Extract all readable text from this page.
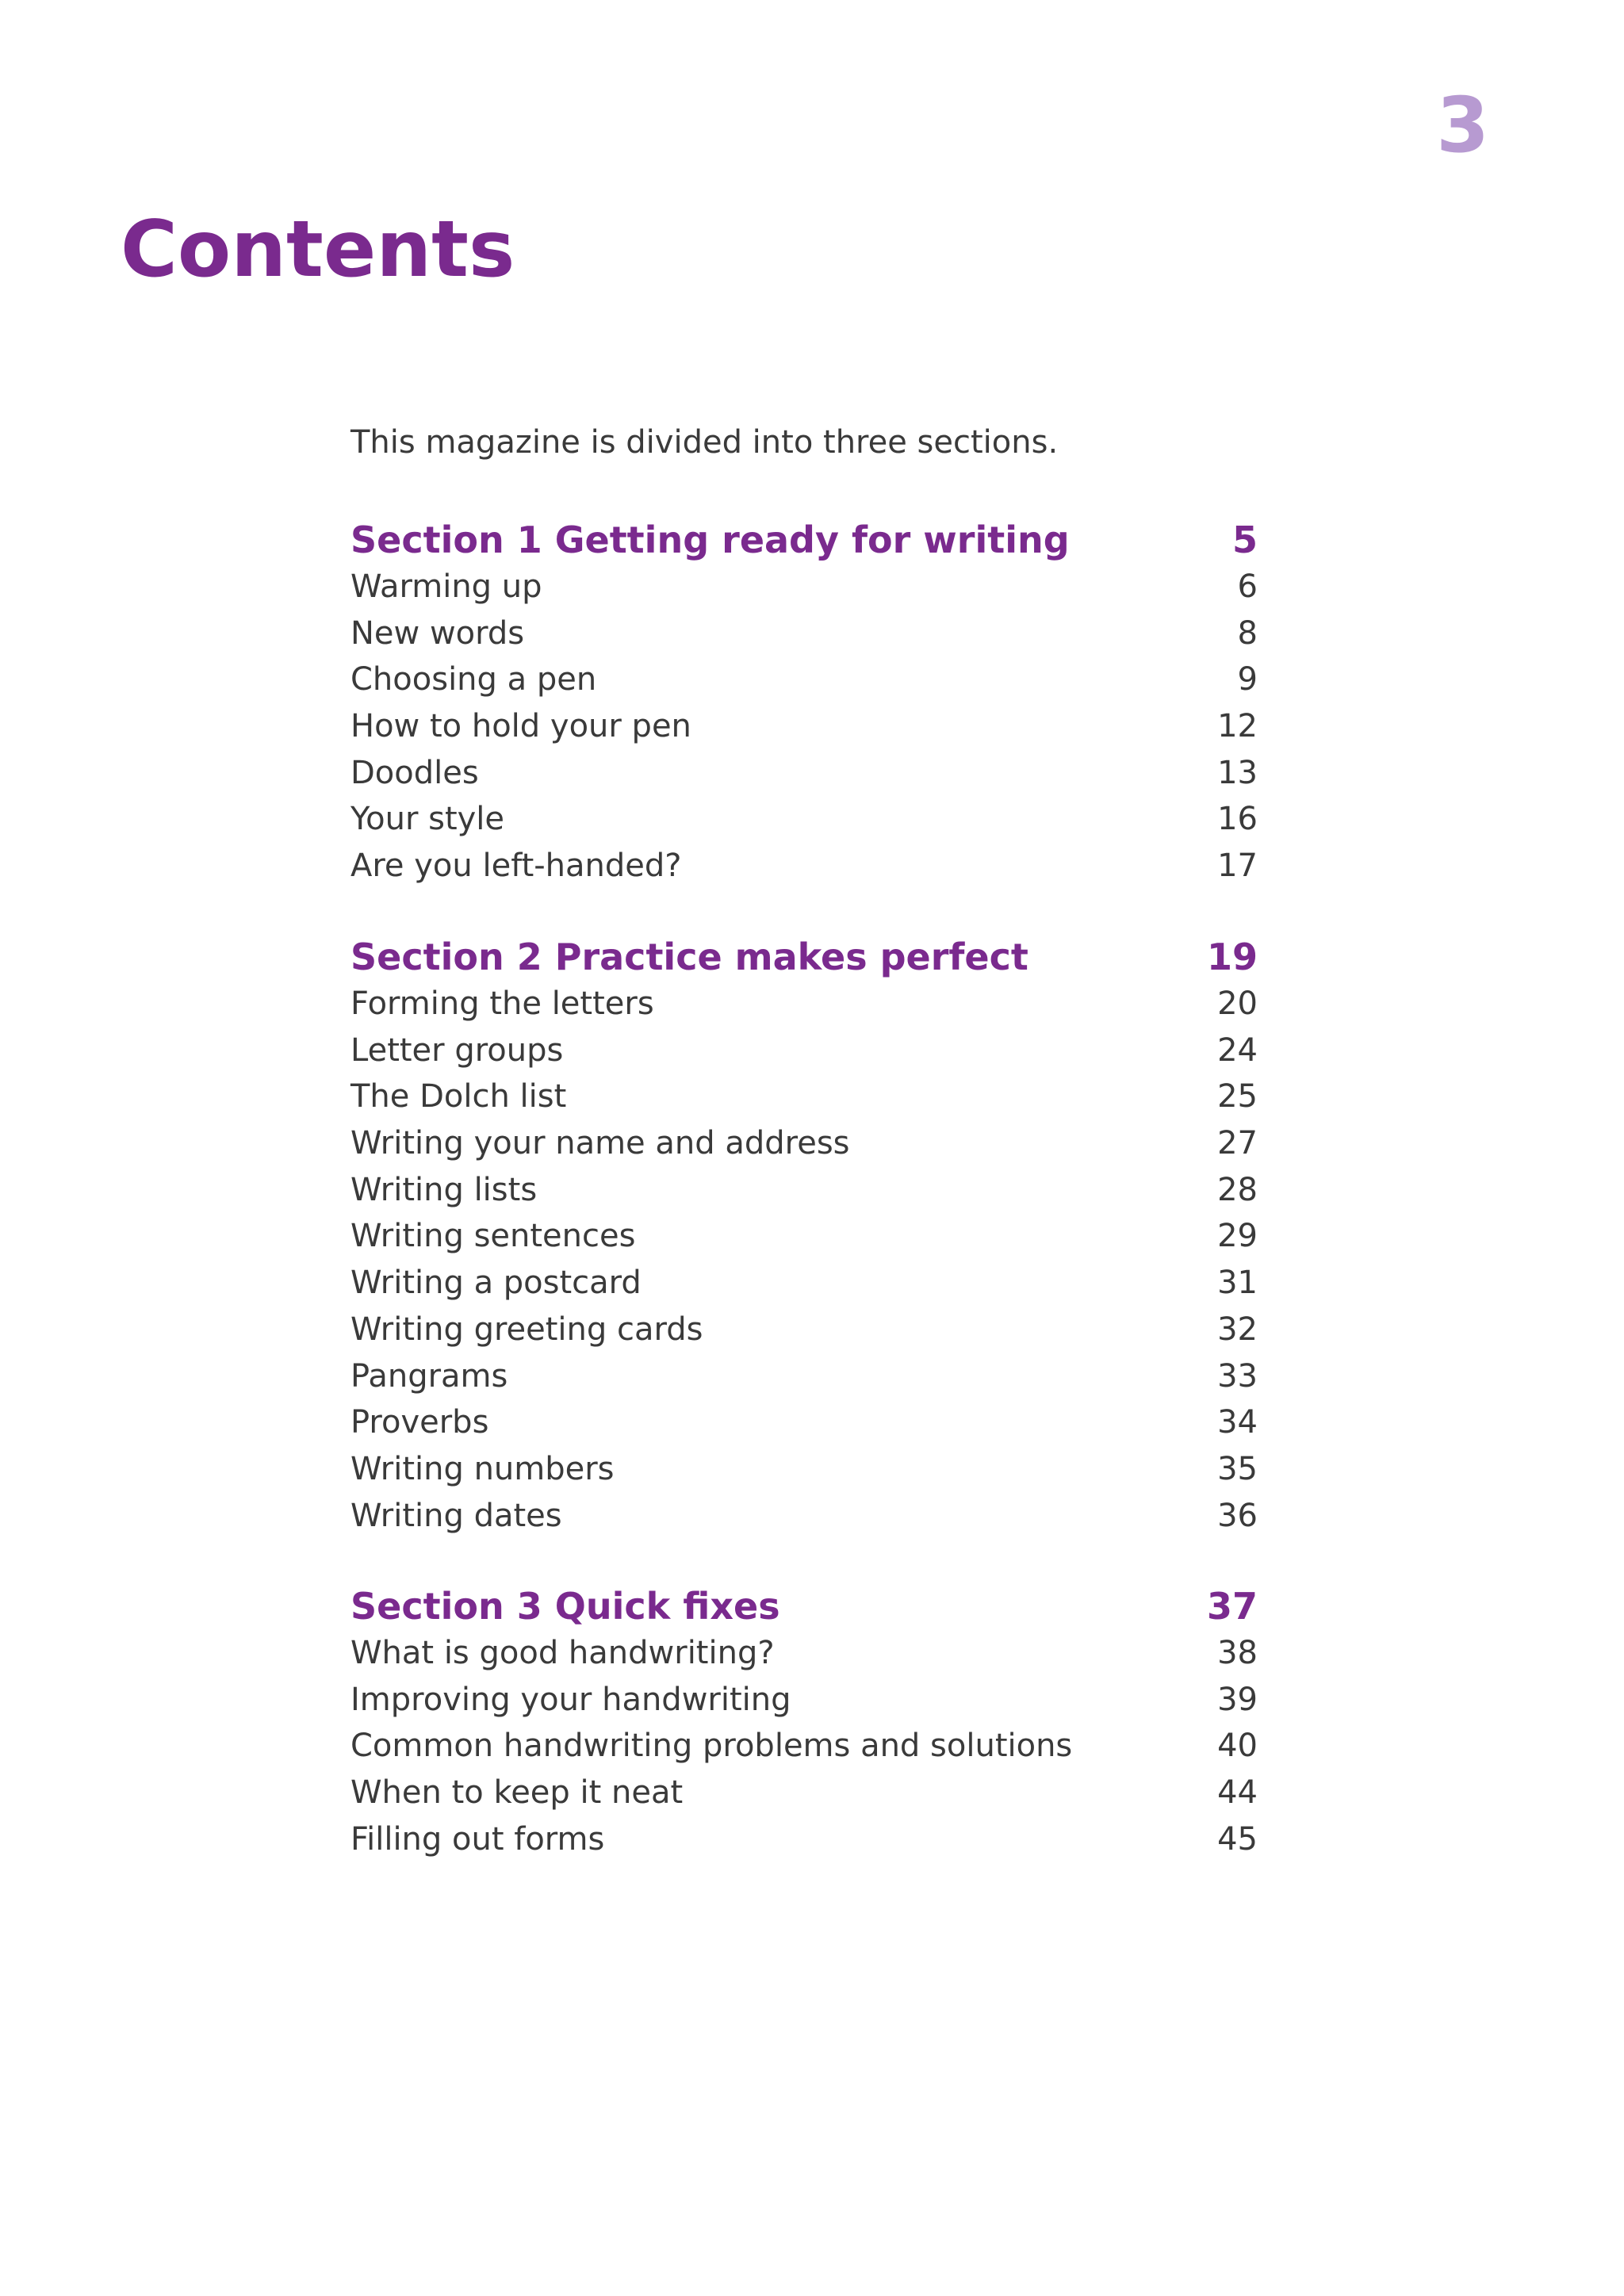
3
Contents
This magazine is divided into three sections.
Section 1 Getting ready for writing	5
Warming up	6
New words	8
Choosing a pen	9
How to hold your pen	12
Doodles	13
Your style	16
Are you left-handed?	17
Section 2 Practice makes perfect	19
Forming the letters	20
Letter groups	24
The Dolch list	25
Writing your name and address	27
Writing lists	28
Writing sentences	29
Writing a postcard	31
Writing greeting cards	32
Pangrams	33
Proverbs	34
Writing numbers	35
Writing dates	36
Section 3 Quick fixes	37
What is good handwriting?	38
Improving your handwriting	39
Common handwriting problems and solutions	40
When to keep it neat	44
Filling out forms	45
